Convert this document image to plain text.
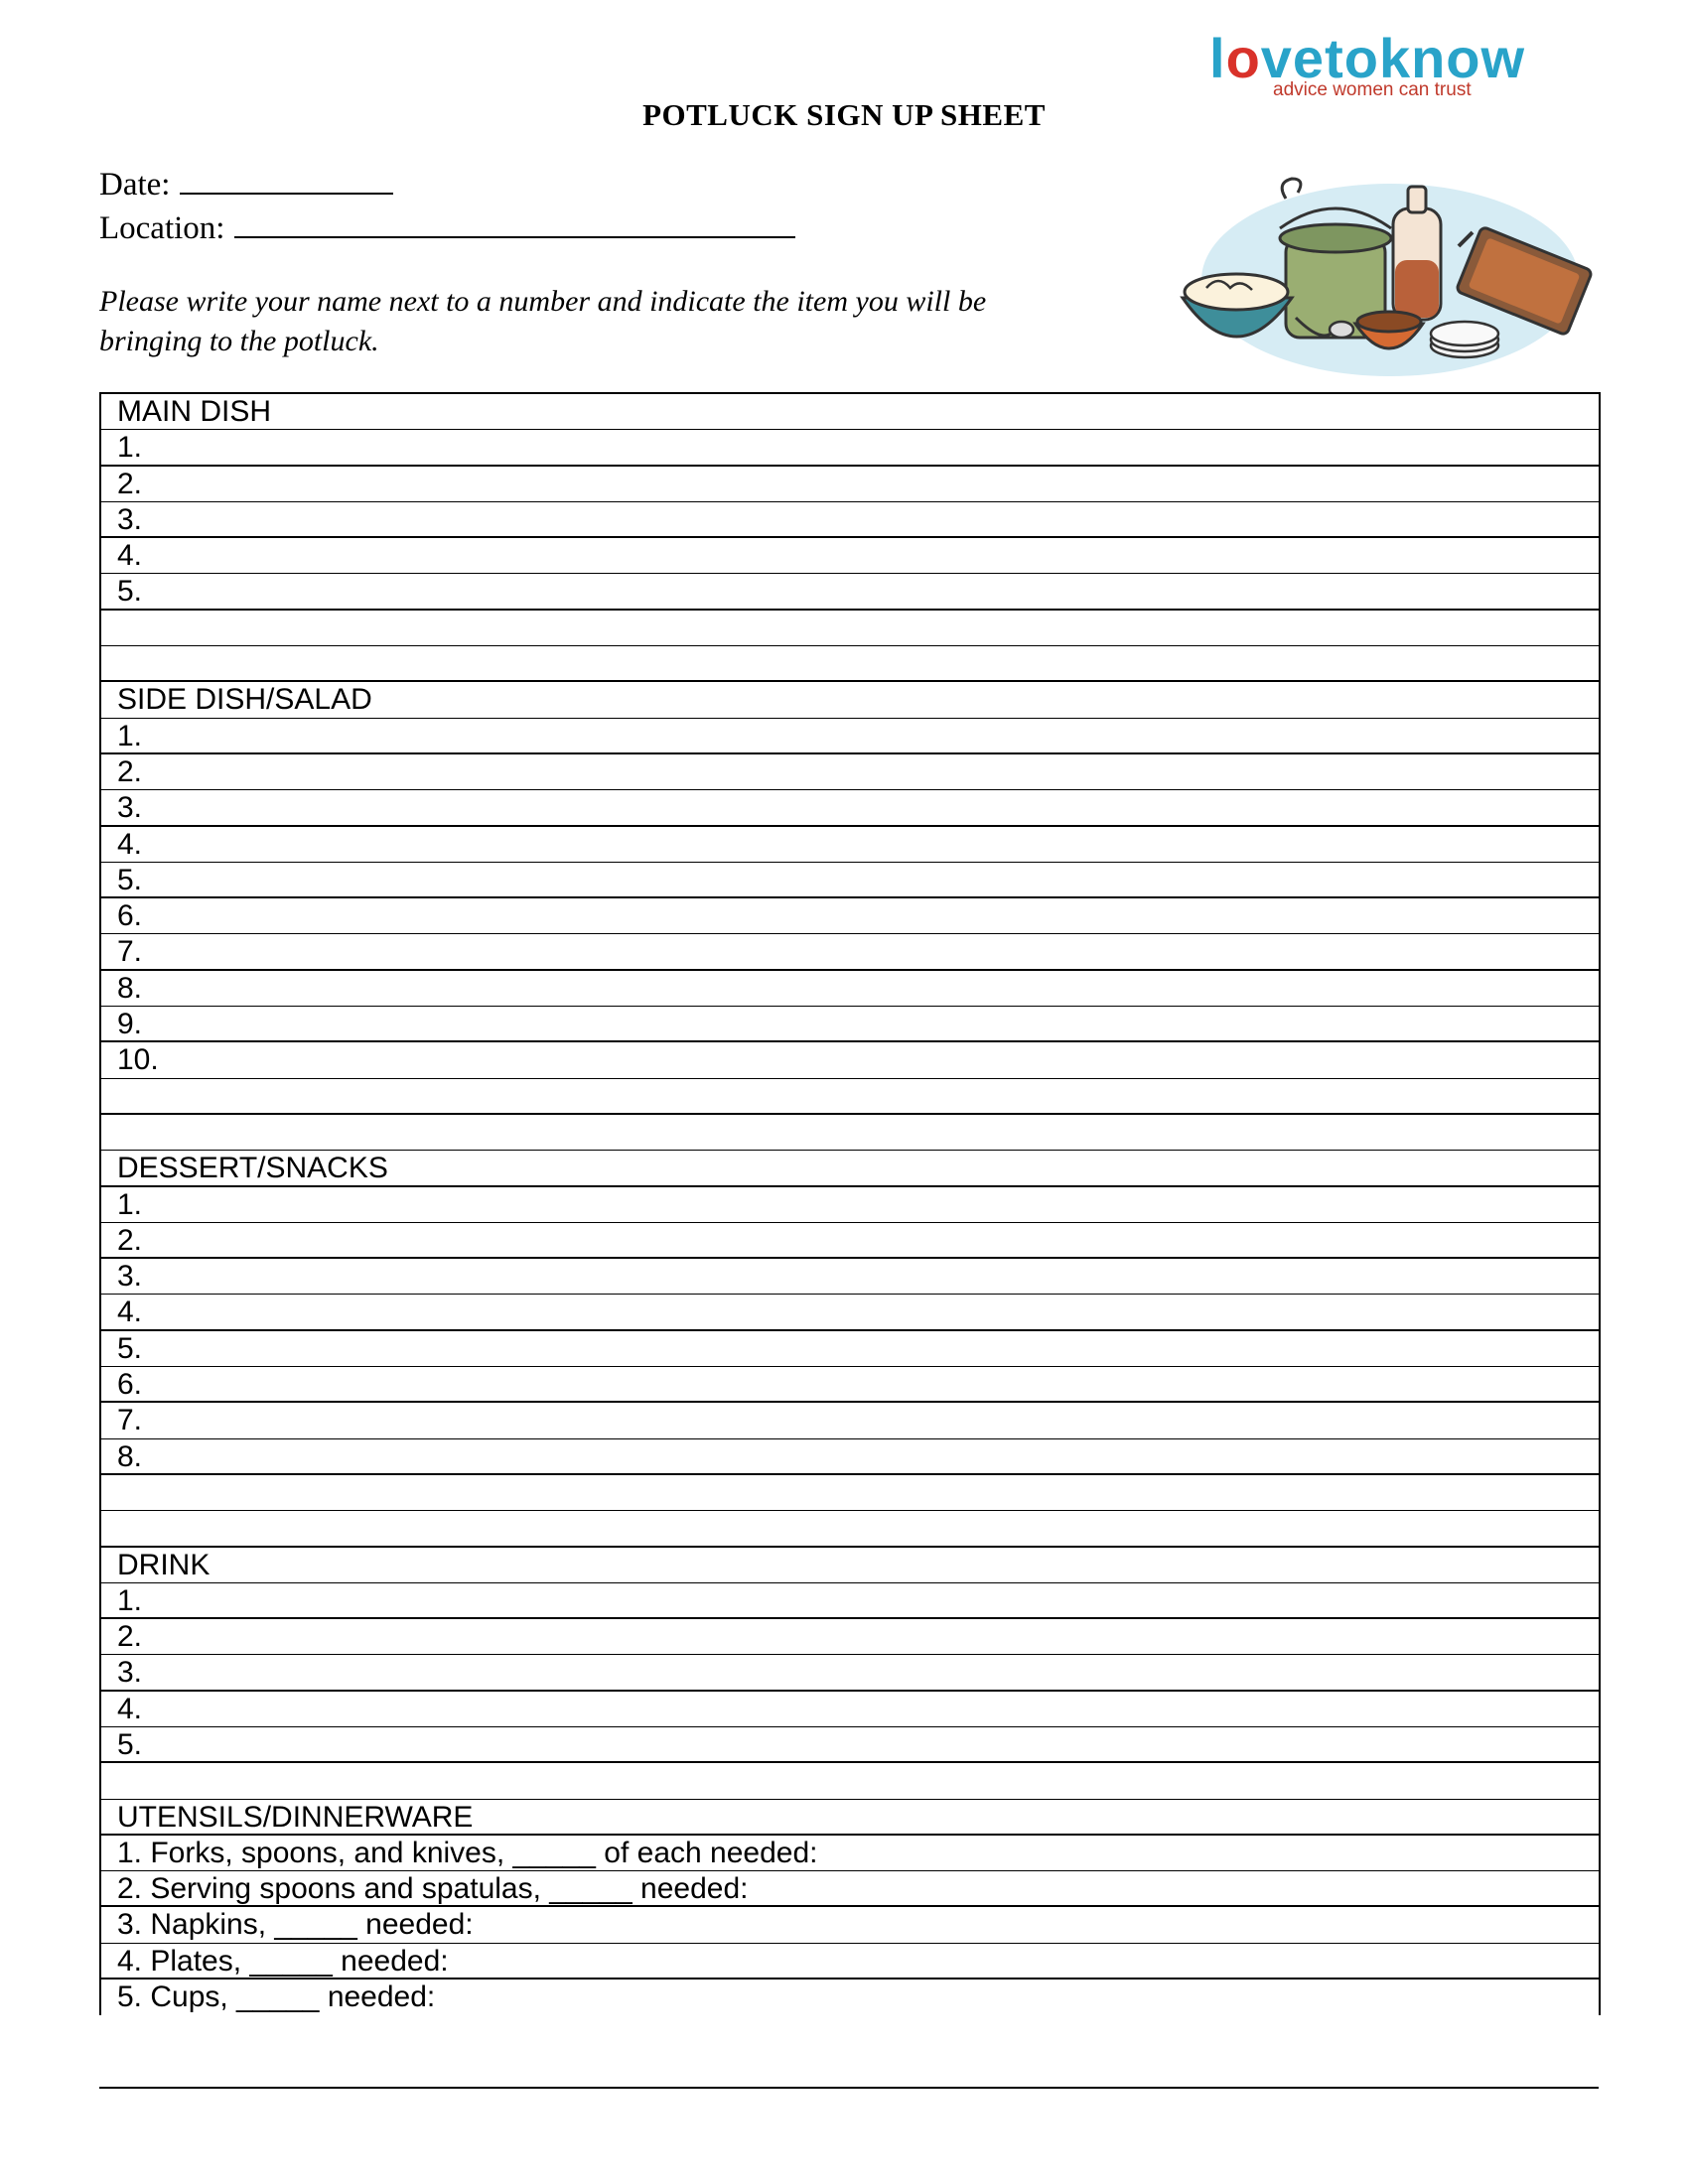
lovetoknow
advice women can trust
POTLUCK SIGN UP SHEET
Date:
Location:
Please write your name next to a number and indicate the item you will be bringing to the potluck.
MAIN DISH
1.
2.
3.
4.
5.
SIDE DISH/SALAD
1.
2.
3.
4.
5.
6.
7.
8.
9.
10.
DESSERT/SNACKS
1.
2.
3.
4.
5.
6.
7.
8.
DRINK
1.
2.
3.
4.
5.
UTENSILS/DINNERWARE
1. Forks, spoons, and knives, _____ of each needed:
2. Serving spoons and spatulas, _____ needed:
3. Napkins, _____ needed:
4. Plates, _____ needed:
5. Cups, _____ needed:
